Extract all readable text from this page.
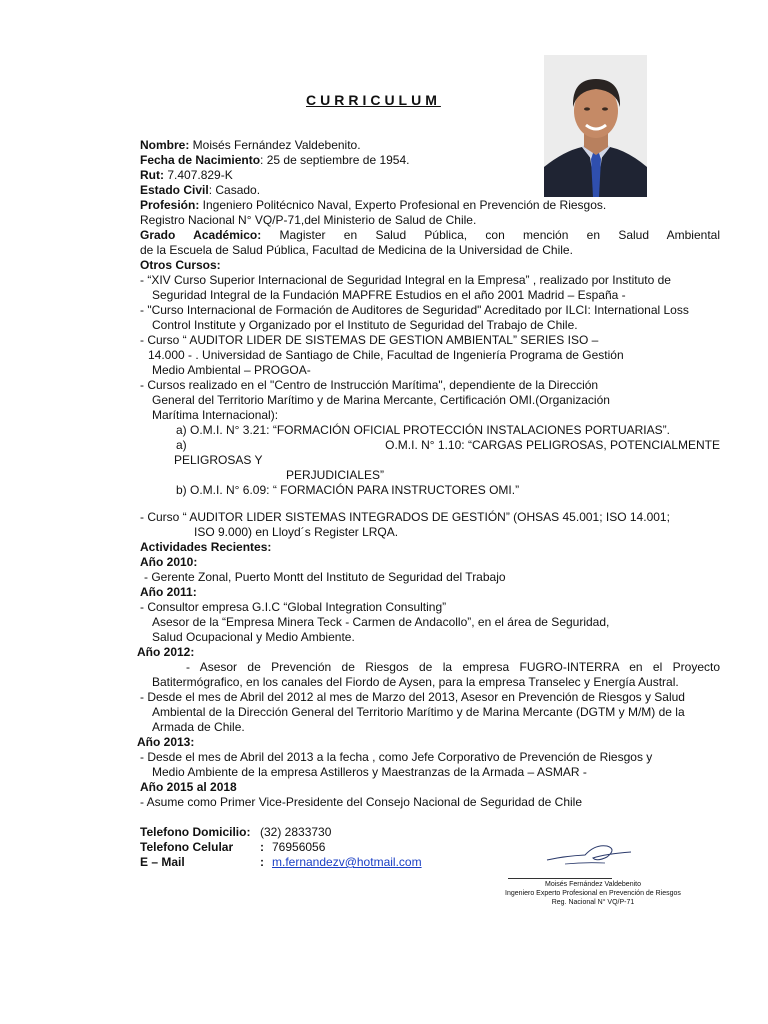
CURRICULUM
Nombre: Moisés Fernández Valdebenito.
Fecha de Nacimiento: 25 de septiembre de 1954.
Rut: 7.407.829-K
Estado Civil: Casado.
Profesión: Ingeniero Politécnico Naval, Experto Profesional en Prevención de Riesgos.
Registro Nacional N° VQ/P-71,del Ministerio de Salud de Chile.
Grado Académico: Magister en Salud Pública, con mención en Salud Ambiental
de la Escuela de Salud Pública, Facultad de Medicina de la Universidad de Chile.
Otros Cursos:
- “XIV Curso Superior Internacional de Seguridad Integral en la Empresa” , realizado por Instituto de
Seguridad Integral de la Fundación MAPFRE Estudios en el año 2001 Madrid – España -
- "Curso Internacional de Formación de Auditores de Seguridad" Acreditado por ILCI: International Loss
Control Institute y Organizado por el Instituto de Seguridad del Trabajo de Chile.
- Curso “ AUDITOR LIDER DE SISTEMAS DE GESTION AMBIENTAL” SERIES ISO –
14.000 - . Universidad de Santiago de Chile, Facultad de Ingeniería Programa de Gestión
Medio Ambiental – PROGOA-
- Cursos realizado en el "Centro de Instrucción Marítima", dependiente de la Dirección
General del Territorio Marítimo y de Marina Mercante, Certificación OMI.(Organización
Marítima Internacional):
a) O.M.I. N° 3.21: “FORMACIÓN OFICIAL PROTECCIÓN INSTALACIONES PORTUARIAS”.
a)	O.M.I. N° 1.10: “CARGAS PELIGROSAS, POTENCIALMENTE
PELIGROSAS Y
PERJUDICIALES”
b) O.M.I. N° 6.09: “ FORMACIÓN PARA INSTRUCTORES OMI.”
- Curso “ AUDITOR LIDER SISTEMAS INTEGRADOS DE GESTIÓN” (OHSAS 45.001; ISO 14.001;
ISO 9.000) en Lloyd´s Register LRQA.
Actividades Recientes:
Año 2010:
- Gerente Zonal, Puerto Montt del Instituto de Seguridad del Trabajo
Año 2011:
- Consultor empresa G.I.C “Global Integration Consulting”
Asesor de la “Empresa Minera Teck - Carmen de Andacollo”, en el área de Seguridad,
Salud Ocupacional y Medio Ambiente.
Año 2012:
- Asesor de Prevención de Riesgos de la empresa FUGRO-INTERRA en el Proyecto
Batitermógrafico, en los canales del Fiordo de Aysen, para la empresa Transelec y Energía Austral.
- Desde el mes de Abril del 2012 al mes de Marzo del 2013, Asesor en Prevención de Riesgos y Salud
Ambiental de la Dirección General del Territorio Marítimo y de Marina Mercante (DGTM y M/M) de la
Armada de Chile.
Año 2013:
- Desde el mes de Abril del 2013 a la fecha , como Jefe Corporativo de Prevención de Riesgos y
Medio Ambiente de la empresa Astilleros y Maestranzas de la Armada – ASMAR -
Año 2015 al 2018
- Asume como Primer Vice-Presidente del Consejo Nacional de Seguridad de Chile
Telefono Domicilio: (32) 2833730
Telefono Celular	: 76956056
E – Mail	: m.fernandezv@hotmail.com
Moisés Fernández Valdebenito
Ingeniero Experto Profesional en Prevención de Riesgos
Reg. Nacional N° VQ/P-71
